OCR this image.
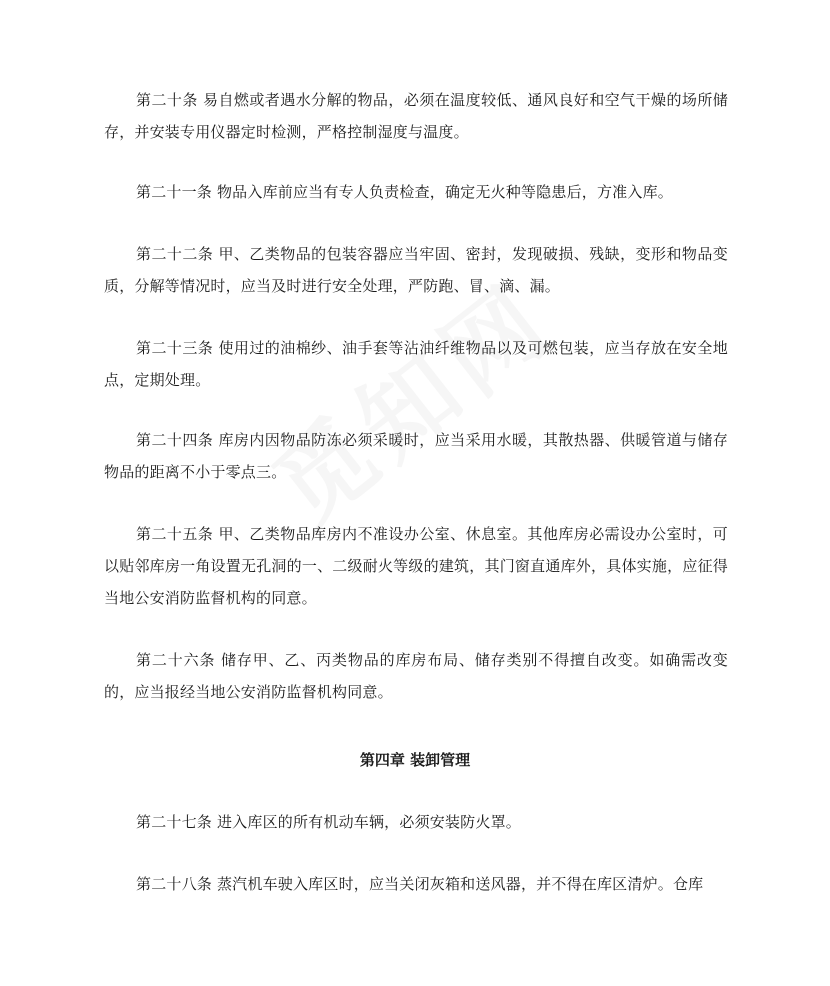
第二十条 易自燃或者遇水分解的物品，必须在温度较低、通风良好和空气干燥的场所储存，并安装专用仪器定时检测，严格控制湿度与温度。

第二十一条 物品入库前应当有专人负责检查，确定无火种等隐患后，方准入库。

第二十二条 甲、乙类物品的包装容器应当牢固、密封，发现破损、残缺，变形和物品变质，分解等情况时，应当及时进行安全处理，严防跑、冒、滴、漏。

第二十三条 使用过的油棉纱、油手套等沾油纤维物品以及可燃包装，应当存放在安全地点，定期处理。

第二十四条 库房内因物品防冻必须采暖时，应当采用水暖，其散热器、供暖管道与储存物品的距离不小于零点三。

第二十五条 甲、乙类物品库房内不准设办公室、休息室。其他库房必需设办公室时，可以贴邻库房一角设置无孔洞的一、二级耐火等级的建筑，其门窗直通库外，具体实施，应征得当地公安消防监督机构的同意。

第二十六条 储存甲、乙、丙类物品的库房布局、储存类别不得擅自改变。如确需改变的，应当报经当地公安消防监督机构同意。

第四章 装卸管理

第二十七条 进入库区的所有机动车辆，必须安装防火罩。

第二十八条 蒸汽机车驶入库区时，应当关闭灰箱和送风器，并不得在库区清炉。仓库
